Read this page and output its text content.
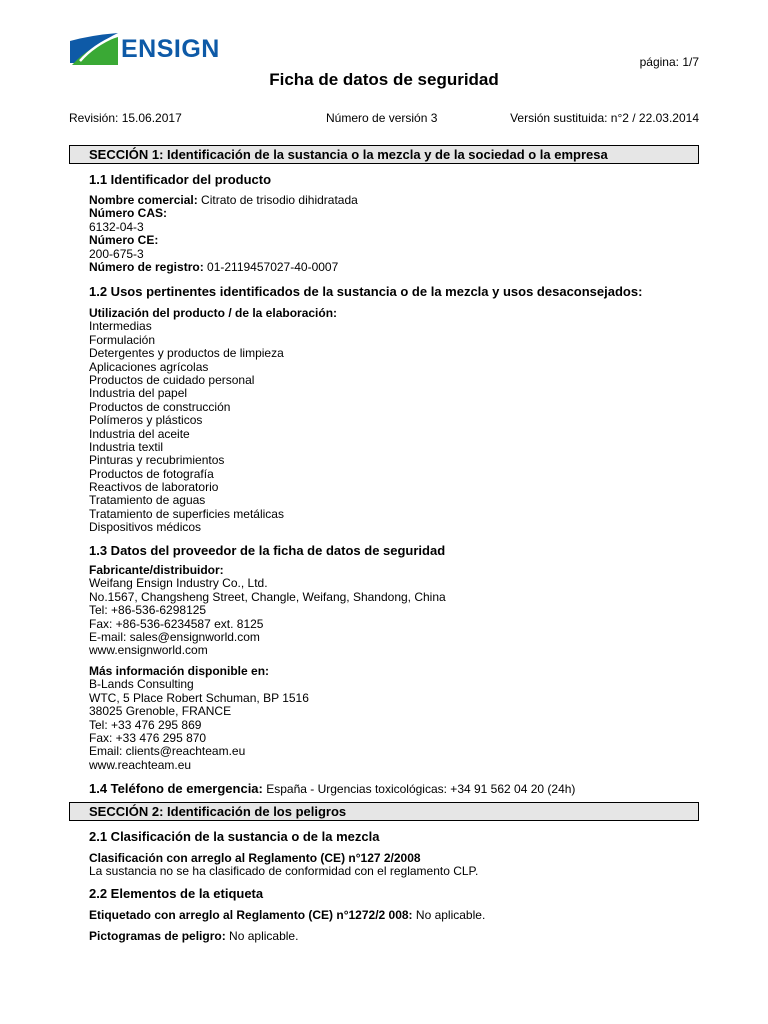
ENSIGN	página: 1/7
Ficha de datos de seguridad
Revisión: 15.06.2017	Número de versión 3	Versión sustituida: n°2 / 22.03.2014
SECCIÓN 1: Identificación de la sustancia o la mezcla y de la sociedad o la empresa
1.1 Identificador del producto
Nombre comercial: Citrato de trisodio dihidratada
Número CAS:
6132-04-3
Número CE:
200-675-3
Número de registro: 01-2119457027-40-0007
1.2 Usos pertinentes identificados de la sustancia o de la mezcla y usos desaconsejados:
Utilización del producto / de la elaboración:
Intermedias
Formulación
Detergentes y productos de limpieza
Aplicaciones agrícolas
Productos de cuidado personal
Industria del papel
Productos de construcción
Polímeros y plásticos
Industria del aceite
Industria textil
Pinturas y recubrimientos
Productos de fotografía
Reactivos de laboratorio
Tratamiento de aguas
Tratamiento de superficies metálicas
Dispositivos médicos
1.3 Datos del proveedor de la ficha de datos de seguridad
Fabricante/distribuidor:
Weifang Ensign Industry Co., Ltd.
No.1567, Changsheng Street, Changle, Weifang, Shandong, China
Tel: +86-536-6298125
Fax: +86-536-6234587 ext. 8125
E-mail: sales@ensignworld.com
www.ensignworld.com
Más información disponible en:
B-Lands Consulting
WTC, 5 Place Robert Schuman, BP 1516
38025 Grenoble, FRANCE
Tel: +33 476 295 869
Fax: +33 476 295 870
Email: clients@reachteam.eu
www.reachteam.eu
1.4 Teléfono de emergencia: España - Urgencias toxicológicas: +34 91 562 04 20 (24h)
SECCIÓN 2: Identificación de los peligros
2.1 Clasificación de la sustancia o de la mezcla
Clasificación con arreglo al Reglamento (CE) n°127 2/2008
La sustancia no se ha clasificado de conformidad con el reglamento CLP.
2.2 Elementos de la etiqueta
Etiquetado con arreglo al Reglamento (CE) n°1272/2 008: No aplicable.
Pictogramas de peligro: No aplicable.
